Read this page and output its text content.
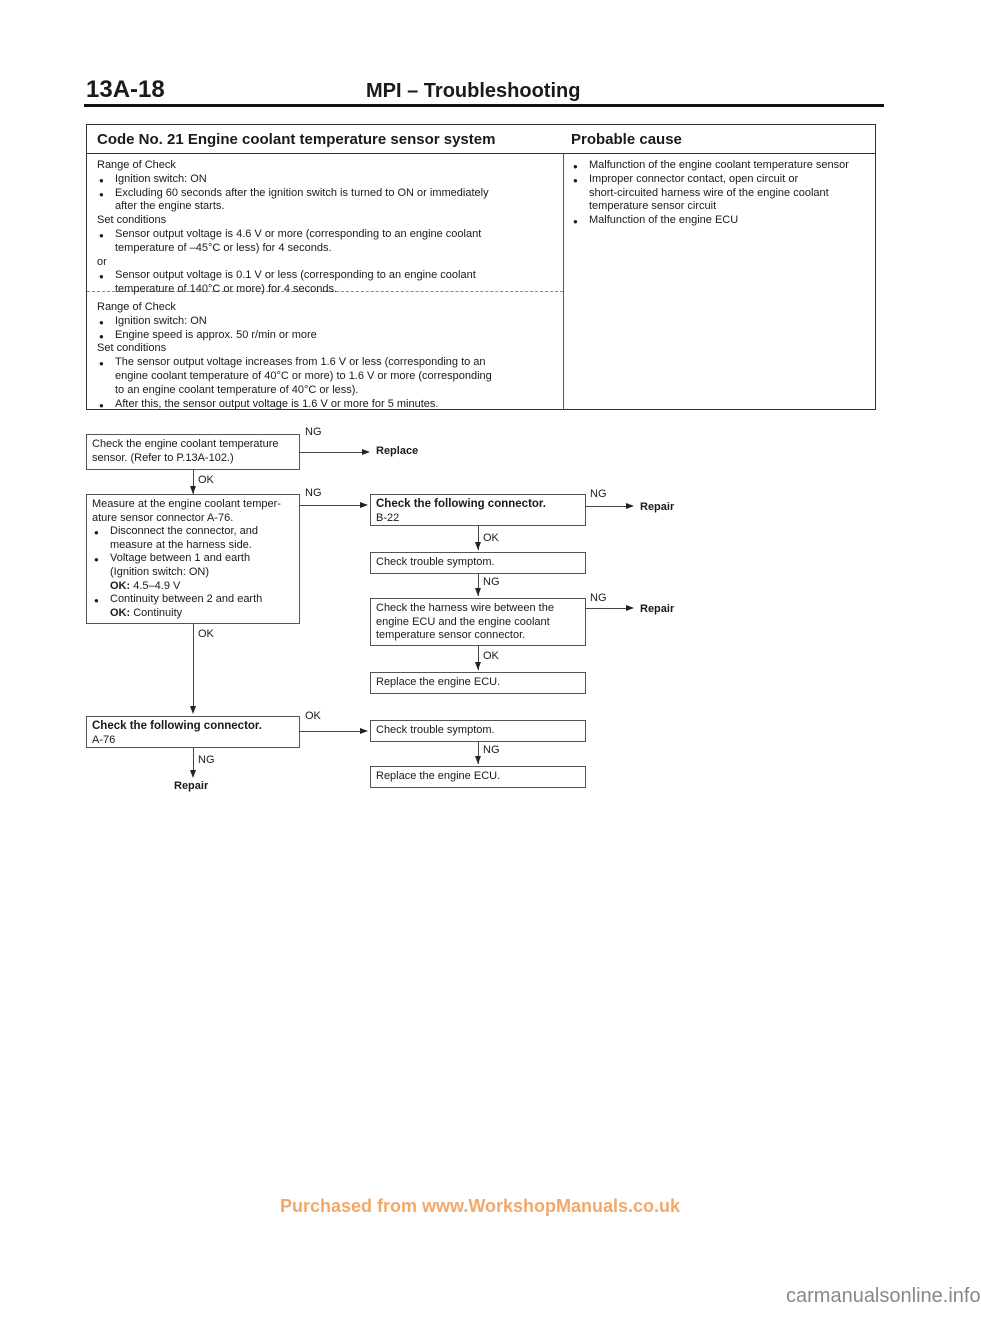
13A-18	MPI – Troubleshooting
Code No. 21 Engine coolant temperature sensor system	Probable cause
Range of Check
● Ignition switch: ON
● Excluding 60 seconds after the ignition switch is turned to ON or immediately
after the engine starts.
Set conditions
● Sensor output voltage is 4.6 V or more (corresponding to an engine coolant
temperature of –45°C or less) for 4 seconds.
or
● Sensor output voltage is 0.1 V or less (corresponding to an engine coolant
temperature of 140°C or more) for 4 seconds.
Range of Check
● Ignition switch: ON
● Engine speed is approx. 50 r/min or more
Set conditions
● The sensor output voltage increases from 1.6 V or less (corresponding to an
engine coolant temperature of 40°C or more) to 1.6 V or more (corresponding
to an engine coolant temperature of 40°C or less).
● After this, the sensor output voltage is 1.6 V or more for 5 minutes.
● Malfunction of the engine coolant temperature sensor
● Improper connector contact, open circuit or
short-circuited harness wire of the engine coolant
temperature sensor circuit
● Malfunction of the engine ECU
Check the engine coolant temperature
sensor. (Refer to P.13A-102.)
NG
Replace
OK
Measure at the engine coolant temper-
ature sensor connector A-76.
● Disconnect the connector, and
measure at the harness side.
● Voltage between 1 and earth
(Ignition switch: ON)
OK: 4.5–4.9 V
● Continuity between 2 and earth
OK: Continuity
NG
Check the following connector.
B-22
NG
Repair
OK
Check trouble symptom.
NG
Check the harness wire between the
engine ECU and the engine coolant
temperature sensor connector.
NG
Repair
OK
Replace the engine ECU.
OK
Check the following connector.
A-76
OK
Check trouble symptom.
NG
Replace the engine ECU.
NG
Repair
Purchased from www.WorkshopManuals.co.uk
carmanualsonline.info
